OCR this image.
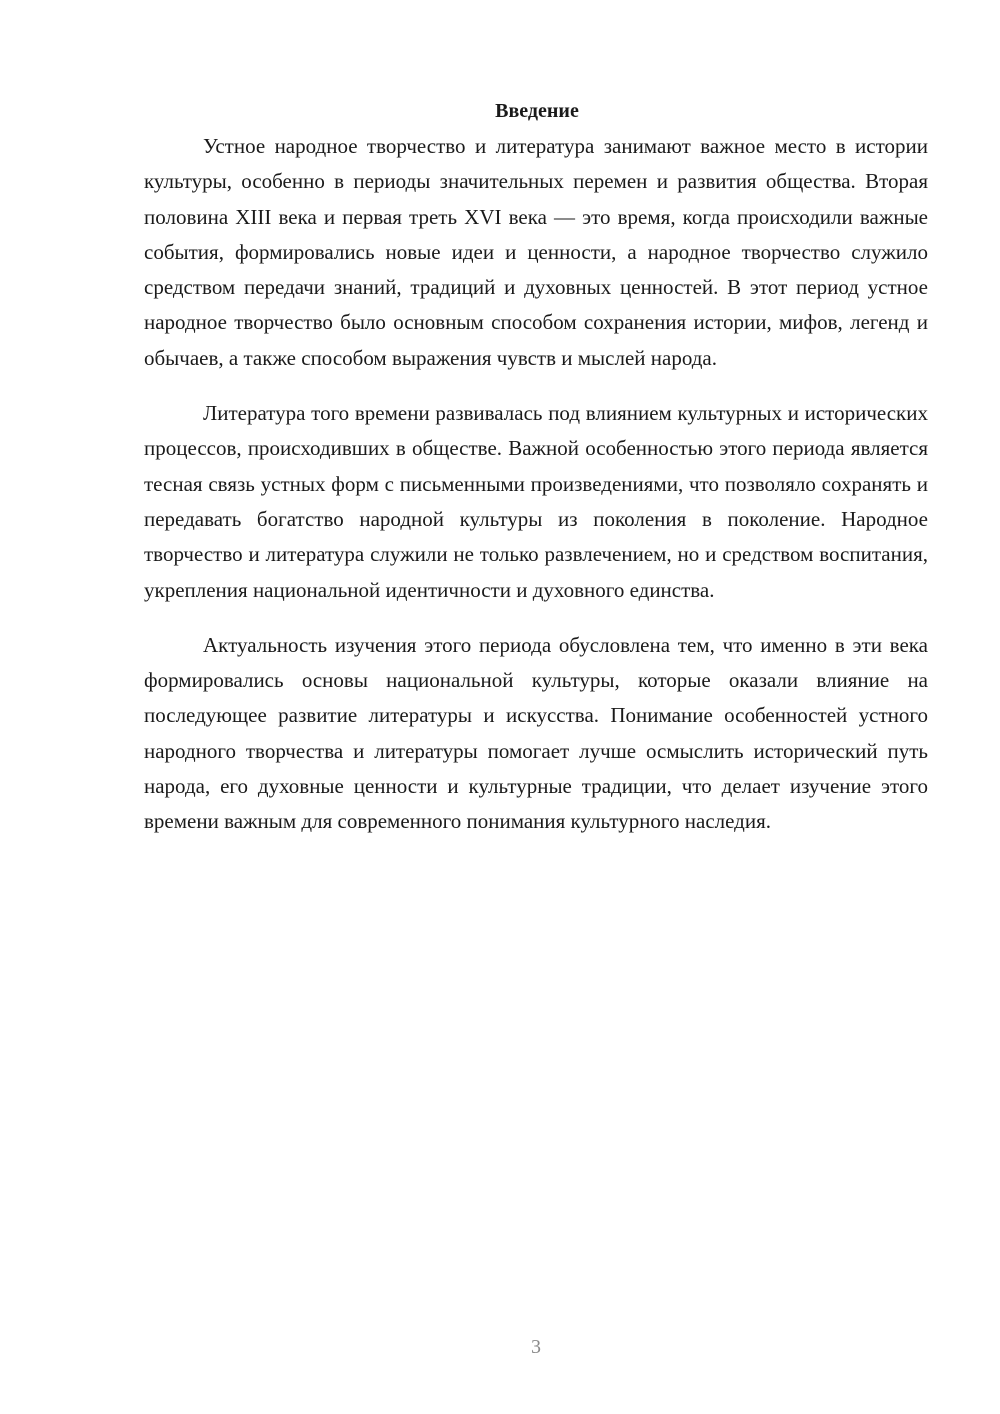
Введение

Устное народное творчество и литература занимают важное место в истории культуры, особенно в периоды значительных перемен и развития общества. Вторая половина XIII века и первая треть XVI века — это время, когда происходили важные события, формировались новые идеи и ценности, а народное творчество служило средством передачи знаний, традиций и духовных ценностей. В этот период устное народное творчество было основным способом сохранения истории, мифов, легенд и обычаев, а также способом выражения чувств и мыслей народа.

Литература того времени развивалась под влиянием культурных и исторических процессов, происходивших в обществе. Важной особенностью этого периода является тесная связь устных форм с письменными произведениями, что позволяло сохранять и передавать богатство народной культуры из поколения в поколение. Народное творчество и литература служили не только развлечением, но и средством воспитания, укрепления национальной идентичности и духовного единства.

Актуальность изучения этого периода обусловлена тем, что именно в эти века формировались основы национальной культуры, которые оказали влияние на последующее развитие литературы и искусства. Понимание особенностей устного народного творчества и литературы помогает лучше осмыслить исторический путь народа, его духовные ценности и культурные традиции, что делает изучение этого времени важным для современного понимания культурного наследия.

3
